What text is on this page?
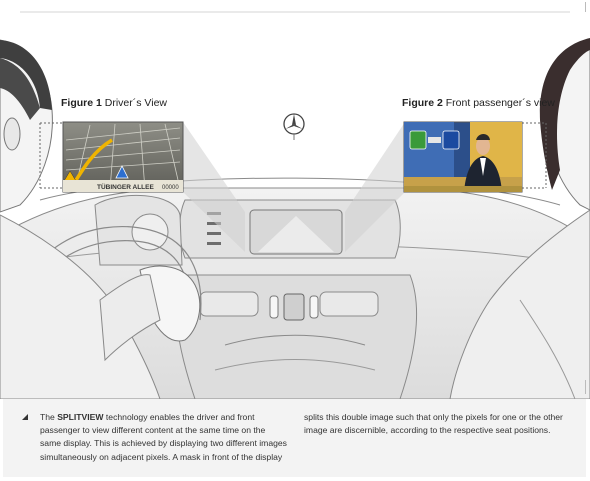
TÜBINGER ALLEE 00000
Figure 1 Driver´s View	Figure 2 Front passenger´s view
The SPLITVIEW technology enables the driver and front passenger to view different content at the same time on the same display. This is achieved by displaying two different images simultaneously on adjacent pixels. A mask in front of the display
splits this double image such that only the pixels for one or the other image are discernible, according to the respective seat positions.
